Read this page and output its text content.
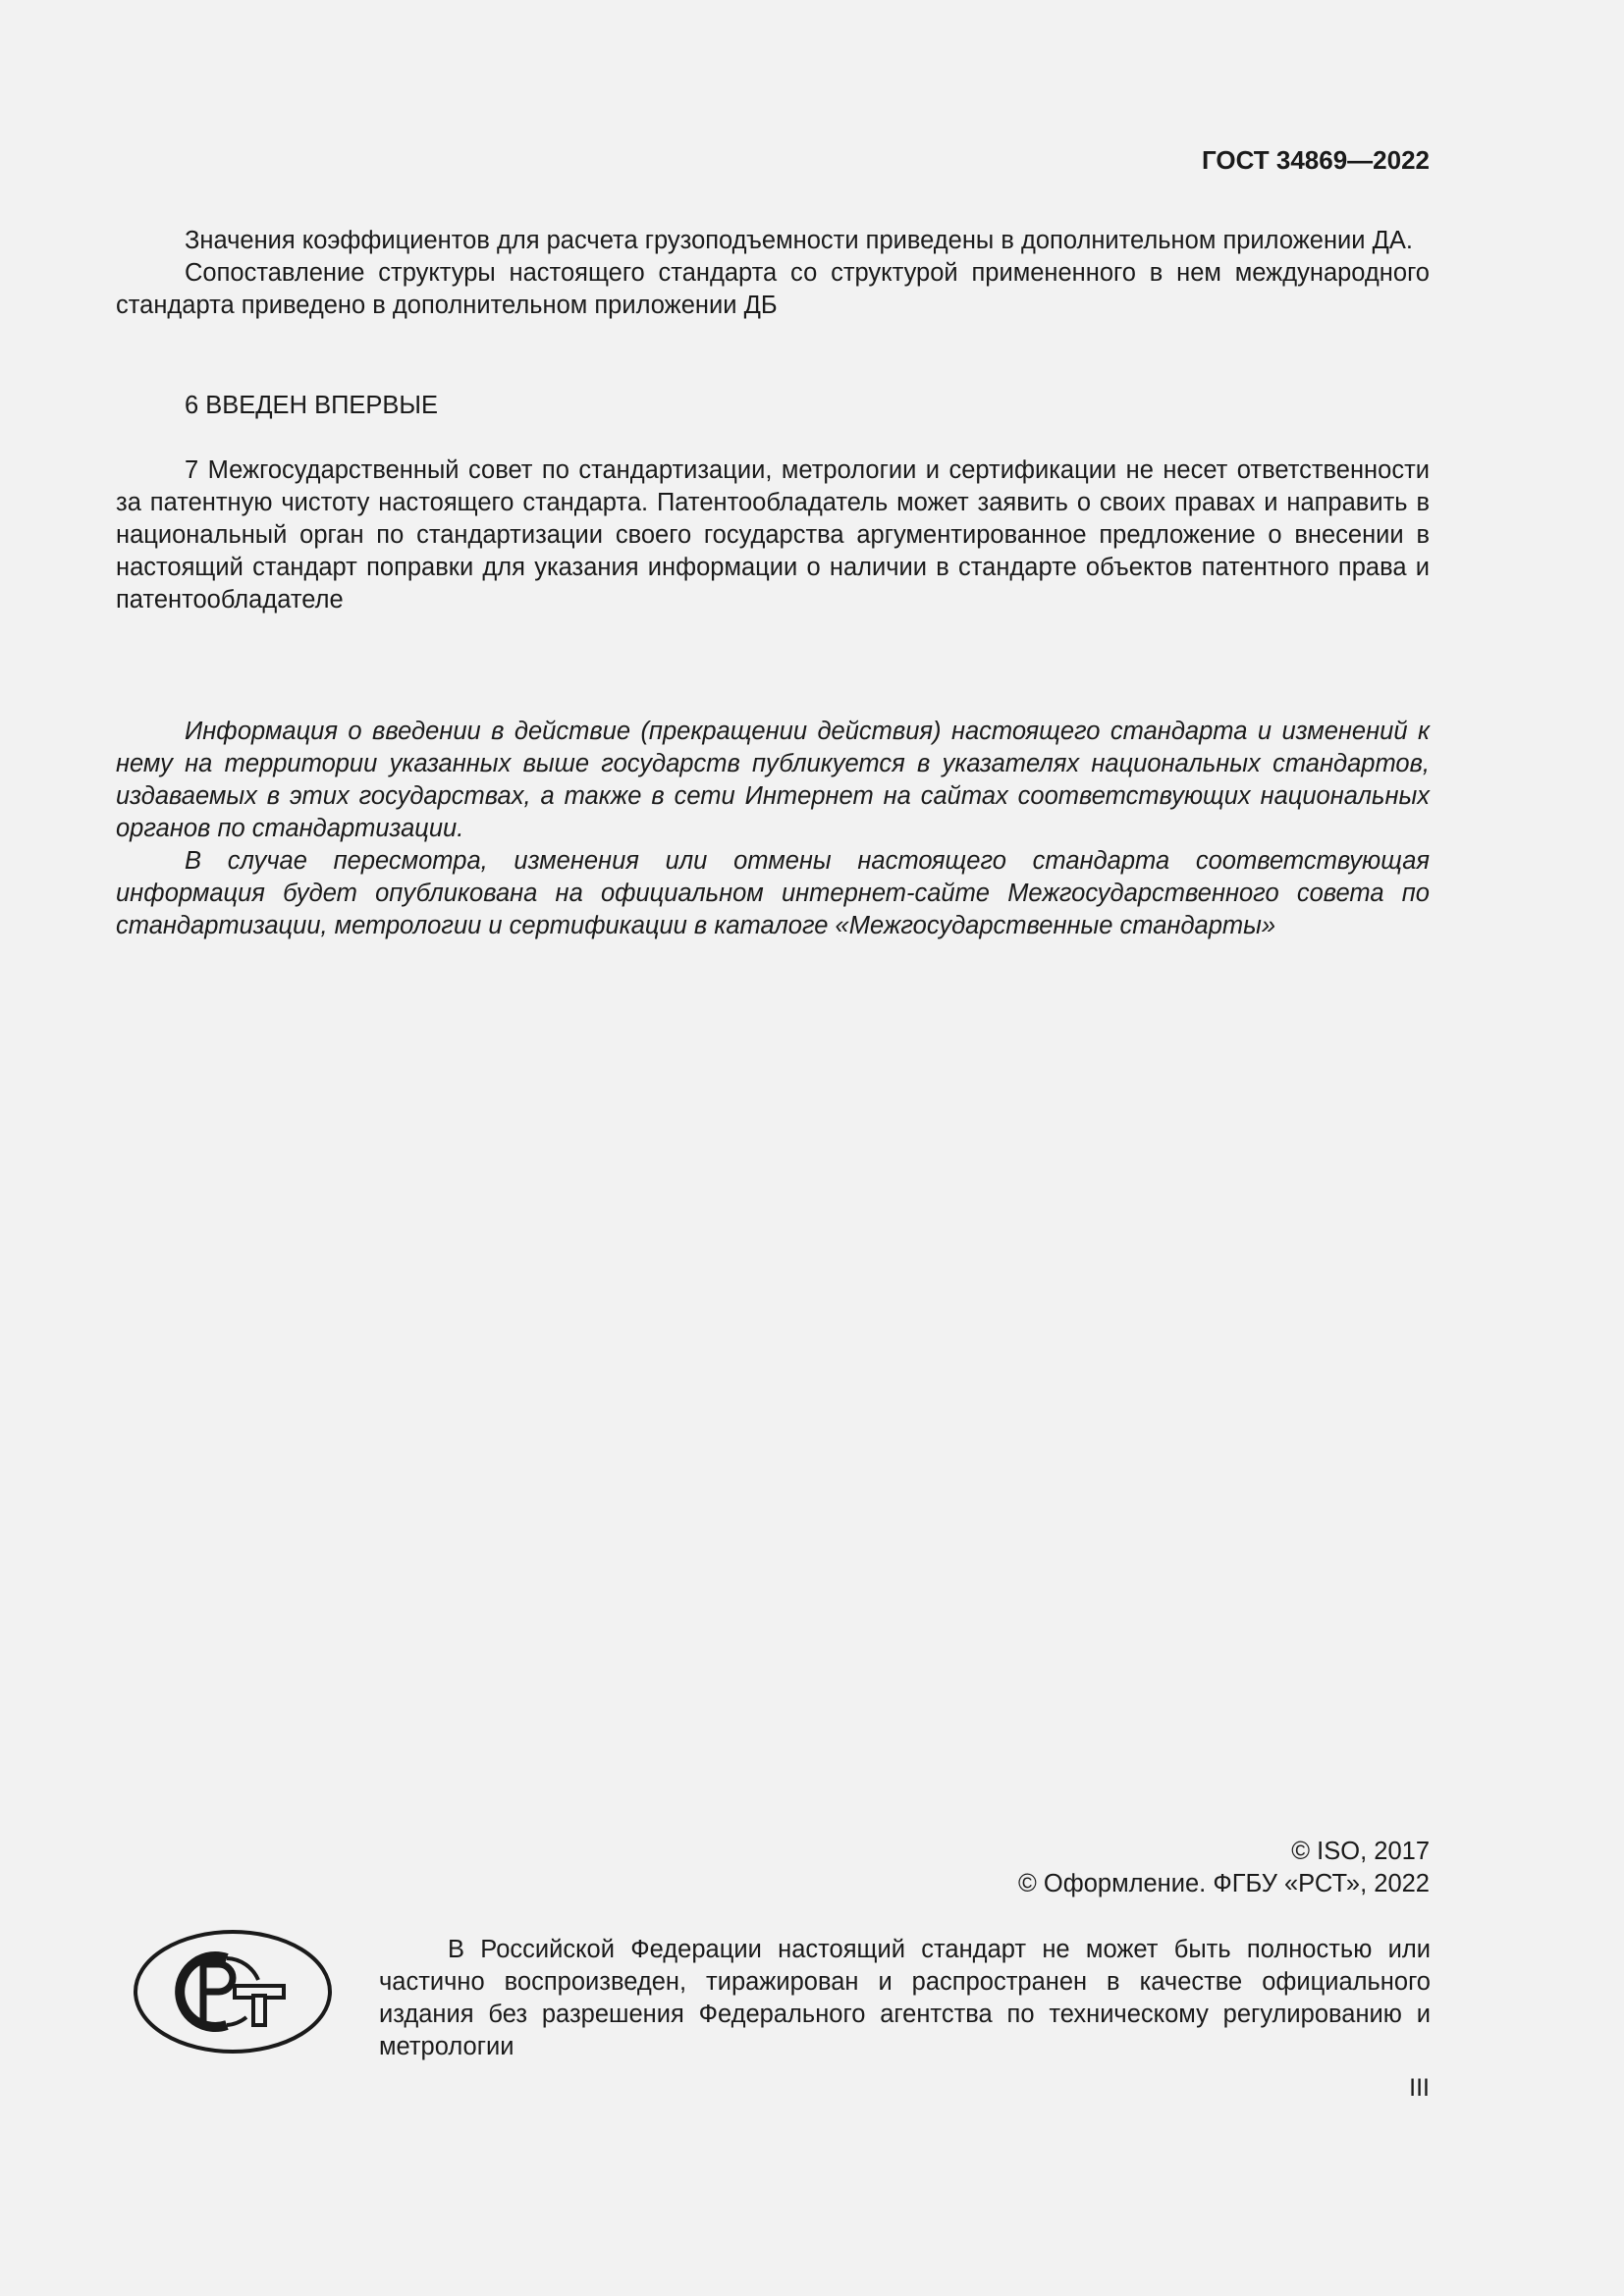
ГОСТ 34869—2022

Значения коэффициентов для расчета грузоподъемности приведены в дополнительном приложении ДА.

Сопоставление структуры настоящего стандарта со структурой примененного в нем международного стандарта приведено в дополнительном приложении ДБ

6 ВВЕДЕН ВПЕРВЫЕ

7 Межгосударственный совет по стандартизации, метрологии и сертификации не несет ответственности за патентную чистоту настоящего стандарта. Патентообладатель может заявить о своих правах и направить в национальный орган по стандартизации своего государства аргументированное предложение о внесении в настоящий стандарт поправки для указания информации о наличии в стандарте объектов патентного права и патентообладателе

Информация о введении в действие (прекращении действия) настоящего стандарта и изменений к нему на территории указанных выше государств публикуется в указателях национальных стандартов, издаваемых в этих государствах, а также в сети Интернет на сайтах соответствующих национальных органов по стандартизации.

В случае пересмотра, изменения или отмены настоящего стандарта соответствующая информация будет опубликована на официальном интернет-сайте Межгосударственного совета по стандартизации, метрологии и сертификации в каталоге «Межгосударственные стандарты»

© ISO, 2017
© Оформление. ФГБУ «РСТ», 2022

В Российской Федерации настоящий стандарт не может быть полностью или частично воспроизведен, тиражирован и распространен в качестве официального издания без разрешения Федерального агентства по техническому регулированию и метрологии

III
